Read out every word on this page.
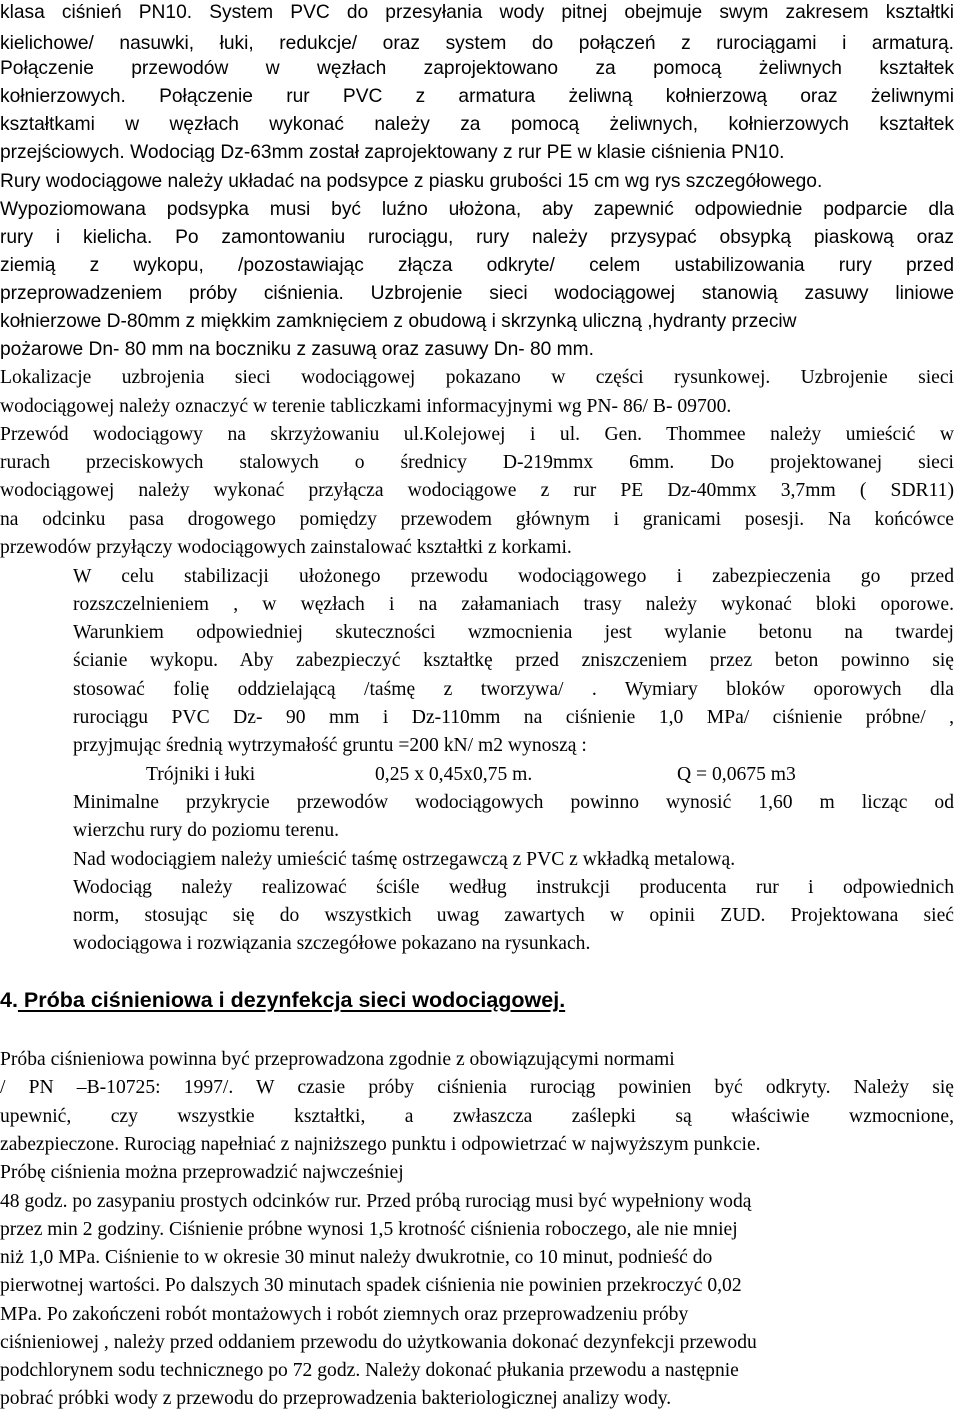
klasa ciśnień PN10. System PVC do przesyłania wody pitnej obejmuje swym zakresem kształtki

kielichowe/ nasuwki, łuki, redukcje/ oraz system do połączeń z rurociągami i armaturą.

Połączenie przewodów w węzłach zaprojektowano za pomocą żeliwnych kształtek

kołnierzowych. Połączenie rur PVC z armatura żeliwną kołnierzową oraz żeliwnymi

kształtkami w węzłach wykonać należy za pomocą żeliwnych, kołnierzowych kształtek

przejściowych. Wodociąg Dz-63mm został zaprojektowany z rur PE w klasie ciśnienia PN10.

Rury wodociągowe należy układać na podsypce z piasku grubości 15 cm wg rys szczegółowego.

Wypoziomowana podsypka musi być luźno ułożona, aby zapewnić odpowiednie podparcie dla

rury i kielicha. Po zamontowaniu rurociągu, rury należy przysypać obsypką piaskową oraz

ziemią z wykopu, /pozostawiając złącza odkryte/ celem ustabilizowania rury przed

przeprowadzeniem próby ciśnienia. Uzbrojenie sieci wodociągowej stanowią zasuwy liniowe

kołnierzowe D-80mm z miękkim zamknięciem z obudową i skrzynką uliczną ,hydranty przeciw

pożarowe Dn- 80 mm na boczniku z zasuwą oraz zasuwy Dn- 80 mm.

Lokalizacje uzbrojenia sieci wodociągowej pokazano w części rysunkowej. Uzbrojenie sieci

wodociągowej należy oznaczyć w terenie tabliczkami informacyjnymi wg PN- 86/ B- 09700.

Przewód wodociągowy na skrzyżowaniu ul.Kolejowej i ul. Gen. Thommee należy umieścić w

rurach przeciskowych stalowych o średnicy D-219mmx 6mm. Do projektowanej sieci

wodociągowej należy wykonać przyłącza wodociągowe z rur PE Dz-40mmx 3,7mm ( SDR11)

na odcinku pasa drogowego pomiędzy przewodem głównym i granicami posesji. Na końcówce

przewodów przyłączy wodociągowych zainstalować kształtki z korkami.

W celu stabilizacji ułożonego przewodu wodociągowego i zabezpieczenia go przed

rozszczelnieniem , w węzłach i na załamaniach trasy należy wykonać bloki oporowe.

Warunkiem odpowiedniej skuteczności wzmocnienia jest wylanie betonu na twardej

ścianie wykopu. Aby zabezpieczyć kształtkę przed zniszczeniem przez beton powinno się

stosować folię oddzielającą /taśmę z tworzywa/ . Wymiary bloków oporowych dla

rurociągu PVC Dz- 90 mm i Dz-110mm na ciśnienie 1,0 MPa/ ciśnienie próbne/ ,

przyjmując średnią wytrzymałość gruntu =200 kN/ m2 wynoszą :

Trójniki i łuki	0,25 x 0,45x0,75 m.	Q = 0,0675 m3

Minimalne przykrycie przewodów wodociągowych powinno wynosić 1,60 m licząc od

wierzchu rury do poziomu terenu.

Nad wodociągiem należy umieścić taśmę ostrzegawczą z PVC z wkładką metalową.

Wodociąg należy realizować ściśle według instrukcji producenta rur i odpowiednich

norm, stosując się do wszystkich uwag zawartych w opinii ZUD. Projektowana sieć

wodociągowa i rozwiązania szczegółowe pokazano na rysunkach.

4. Próba ciśnieniowa i dezynfekcja sieci wodociągowej.

Próba ciśnieniowa powinna być przeprowadzona zgodnie z obowiązującymi normami

/ PN –B-10725: 1997/. W czasie próby ciśnienia rurociąg powinien być odkryty. Należy się

upewnić, czy wszystkie kształtki, a zwłaszcza zaślepki są właściwie wzmocnione,

zabezpieczone. Rurociąg napełniać z najniższego punktu i odpowietrzać w najwyższym punkcie.

Próbę ciśnienia można przeprowadzić najwcześniej

48 godz. po zasypaniu prostych odcinków rur. Przed próbą rurociąg musi być wypełniony wodą

przez min 2 godziny. Ciśnienie próbne wynosi 1,5 krotność ciśnienia roboczego, ale nie mniej

niż 1,0 MPa. Ciśnienie to w okresie 30 minut należy dwukrotnie, co 10 minut, podnieść do

pierwotnej wartości. Po dalszych 30 minutach spadek ciśnienia nie powinien przekroczyć 0,02

MPa. Po zakończeni robót montażowych i robót ziemnych oraz przeprowadzeniu próby

ciśnieniowej , należy przed oddaniem przewodu do użytkowania dokonać dezynfekcji przewodu

podchlorynem sodu technicznego po 72 godz. Należy dokonać płukania przewodu a następnie

pobrać próbki wody z przewodu do przeprowadzenia bakteriologicznej analizy wody.
